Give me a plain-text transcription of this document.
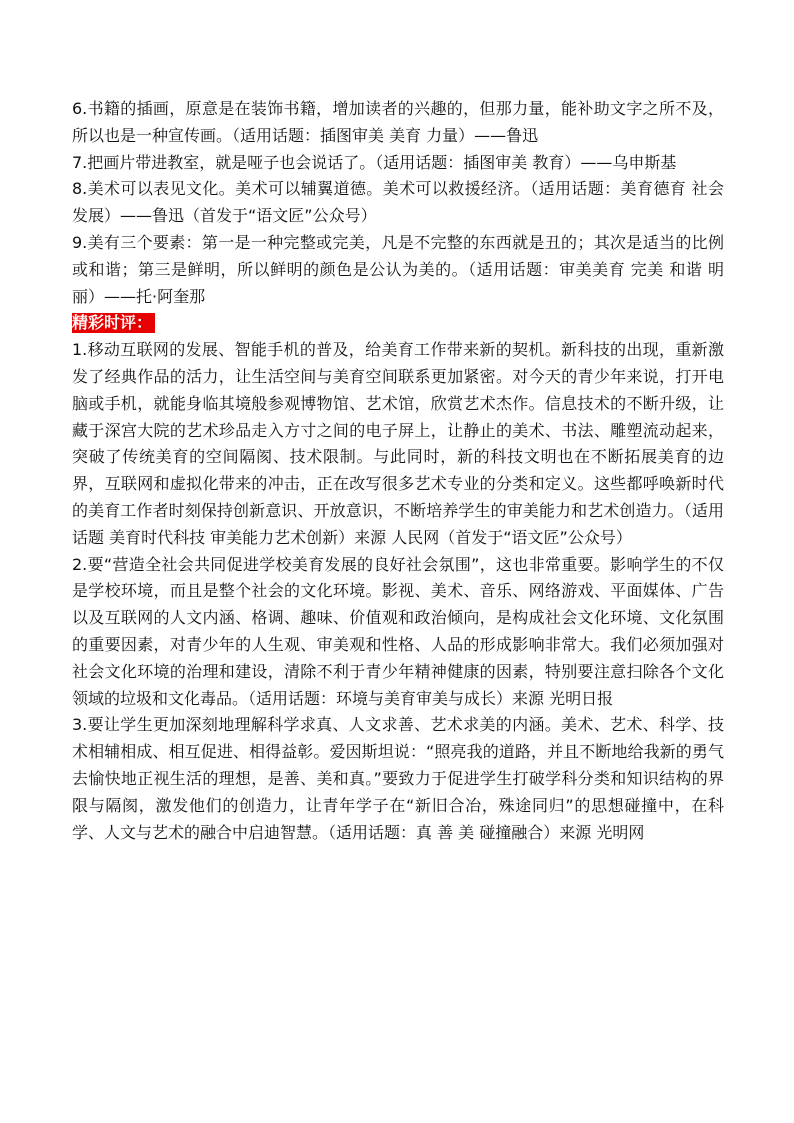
6.书籍的插画，原意是在装饰书籍，增加读者的兴趣的，但那力量，能补助文字之所不及，所以也是一种宣传画。（适用话题：插图审美 美育 力量）——鲁迅

7.把画片带进教室，就是哑子也会说话了。（适用话题：插图审美 教育）——乌申斯基

8.美术可以表见文化。美术可以辅翼道德。美术可以救援经济。（适用话题：美育德育 社会发展）——鲁迅（首发于“语文匠”公众号）

9.美有三个要素：第一是一种完整或完美，凡是不完整的东西就是丑的；其次是适当的比例或和谐；第三是鲜明，所以鲜明的颜色是公认为美的。（适用话题：审美美育 完美 和谐 明丽）——托·阿奎那

精彩时评：

1.移动互联网的发展、智能手机的普及，给美育工作带来新的契机。新科技的出现，重新激发了经典作品的活力，让生活空间与美育空间联系更加紧密。对今天的青少年来说，打开电脑或手机，就能身临其境般参观博物馆、艺术馆，欣赏艺术杰作。信息技术的不断升级，让藏于深宫大院的艺术珍品走入方寸之间的电子屏上，让静止的美术、书法、雕塑流动起来，突破了传统美育的空间隔阂、技术限制。与此同时，新的科技文明也在不断拓展美育的边界，互联网和虚拟化带来的冲击，正在改写很多艺术专业的分类和定义。这些都呼唤新时代的美育工作者时刻保持创新意识、开放意识，不断培养学生的审美能力和艺术创造力。（适用话题 美育时代科技 审美能力艺术创新）来源 人民网（首发于“语文匠”公众号）

2.要“营造全社会共同促进学校美育发展的良好社会氛围”，这也非常重要。影响学生的不仅是学校环境，而且是整个社会的文化环境。影视、美术、音乐、网络游戏、平面媒体、广告以及互联网的人文内涵、格调、趣味、价值观和政治倾向，是构成社会文化环境、文化氛围的重要因素，对青少年的人生观、审美观和性格、人品的形成影响非常大。我们必须加强对社会文化环境的治理和建设，清除不利于青少年精神健康的因素，特别要注意扫除各个文化领域的垃圾和文化毒品。（适用话题：环境与美育审美与成长）来源 光明日报

3.要让学生更加深刻地理解科学求真、人文求善、艺术求美的内涵。美术、艺术、科学、技术相辅相成、相互促进、相得益彰。爱因斯坦说：“照亮我的道路，并且不断地给我新的勇气去愉快地正视生活的理想，是善、美和真。”要致力于促进学生打破学科分类和知识结构的界限与隔阂，激发他们的创造力，让青年学子在“新旧合冶，殊途同归”的思想碰撞中，在科学、人文与艺术的融合中启迪智慧。（适用话题：真 善 美 碰撞融合）来源 光明网
